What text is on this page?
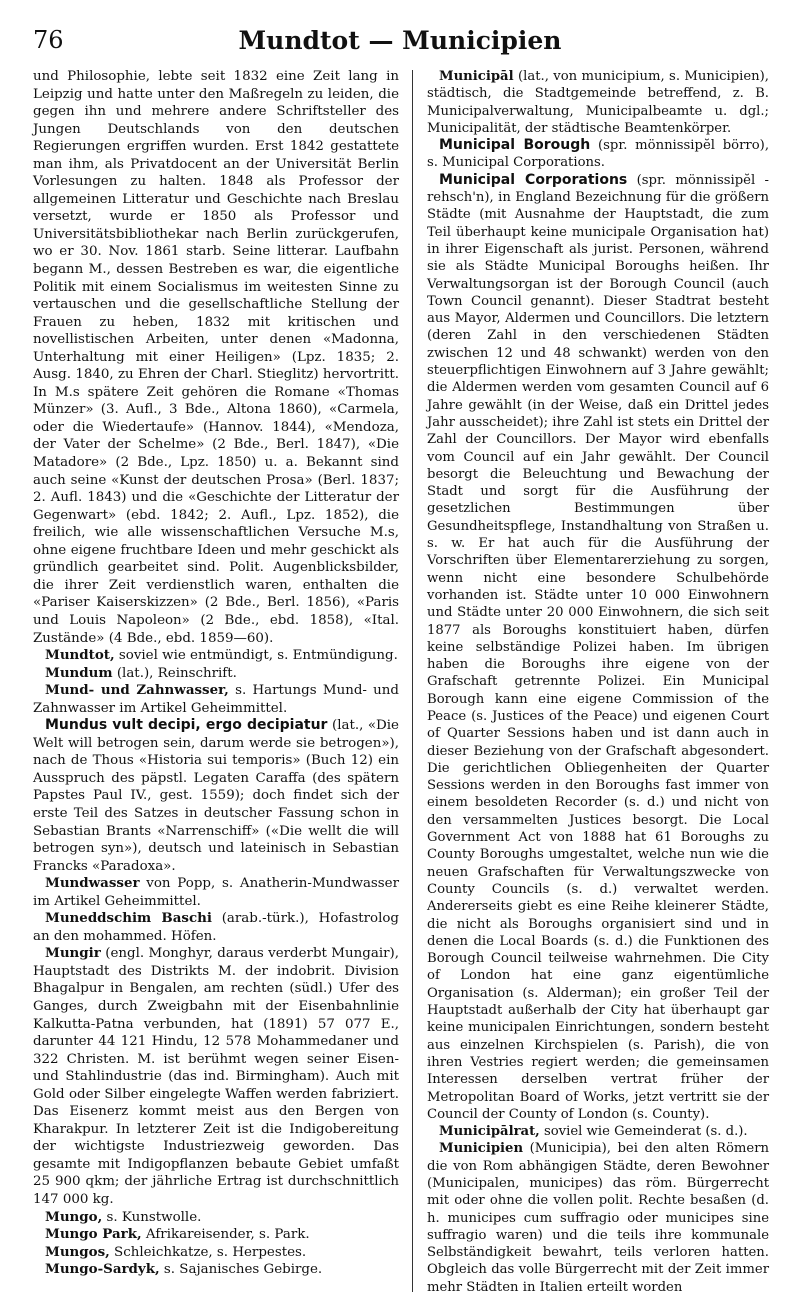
76	Mundtot — Municipien

und Philosophie, lebte seit 1832 eine Zeit lang in Leipzig und hatte unter den Maßregeln zu leiden, die gegen ihn und mehrere andere Schriftsteller des Jungen Deutschlands von den deutschen Regierungen ergriffen wurden. Erst 1842 gestattete man ihm, als Privatdocent an der Universität Berlin Vorlesungen zu halten. 1848 als Professor der allgemeinen Litteratur und Geschichte nach Breslau versetzt, wurde er 1850 als Professor und Universitätsbibliothekar nach Berlin zurückgerufen, wo er 30. Nov. 1861 starb. Seine litterar. Laufbahn begann M., dessen Bestreben es war, die eigentliche Politik mit einem Socialismus im weitesten Sinne zu vertauschen und die gesellschaftliche Stellung der Frauen zu heben, 1832 mit kritischen und novellistischen Arbeiten, unter denen «Madonna, Unterhaltung mit einer Heiligen» (Lpz. 1835; 2. Ausg. 1840, zu Ehren der Charl. Stieglitz) hervortritt. In M.s spätere Zeit gehören die Romane «Thomas Münzer» (3. Aufl., 3 Bde., Altona 1860), «Carmela, oder die Wiedertaufe» (Hannov. 1844), «Mendoza, der Vater der Schelme» (2 Bde., Berl. 1847), «Die Matadore» (2 Bde., Lpz. 1850) u. a. Bekannt sind auch seine «Kunst der deutschen Prosa» (Berl. 1837; 2. Aufl. 1843) und die «Geschichte der Litteratur der Gegenwart» (ebd. 1842; 2. Aufl., Lpz. 1852), die freilich, wie alle wissenschaftlichen Versuche M.s, ohne eigene fruchtbare Ideen und mehr geschickt als gründlich gearbeitet sind. Polit. Augenblicksbilder, die ihrer Zeit verdienstlich waren, enthalten die «Pariser Kaiserskizzen» (2 Bde., Berl. 1856), «Paris und Louis Napoleon» (2 Bde., ebd. 1858), «Ital. Zustände» (4 Bde., ebd. 1859—60).

Mundtot, soviel wie entmündigt, s. Entmündigung.

Mundum (lat.), Reinschrift.

Mund- und Zahnwasser, s. Hartungs Mund- und Zahnwasser im Artikel Geheimmittel.

Mundus vult decipi, ergo decipiatur (lat., «Die Welt will betrogen sein, darum werde sie betrogen»), nach de Thous «Historia sui temporis» (Buch 12) ein Ausspruch des päpstl. Legaten Caraffa (des spätern Papstes Paul IV., gest. 1559); doch findet sich der erste Teil des Satzes in deutscher Fassung schon in Sebastian Brants «Narrenschiff» («Die wellt die will betrogen syn»), deutsch und lateinisch in Sebastian Francks «Paradoxa».

Mundwasser von Popp, s. Anatherin-Mundwasser im Artikel Geheimmittel.

Muneddschim Baschi (arab.-türk.), Hofastrolog an den mohammed. Höfen.

Mungir (engl. Monghyr, daraus verderbt Mungair), Hauptstadt des Distrikts M. der indobrit. Division Bhagalpur in Bengalen, am rechten (südl.) Ufer des Ganges, durch Zweigbahn mit der Eisenbahnlinie Kalkutta-Patna verbunden, hat (1891) 57 077 E., darunter 44 121 Hindu, 12 578 Mohammedaner und 322 Christen. M. ist berühmt wegen seiner Eisen- und Stahlindustrie (das ind. Birmingham). Auch mit Gold oder Silber eingelegte Waffen werden fabriziert. Das Eisenerz kommt meist aus den Bergen von Kharakpur. In letzterer Zeit ist die Indigobereitung der wichtigste Industriezweig geworden. Das gesamte mit Indigopflanzen bebaute Gebiet umfaßt 25 900 qkm; der jährliche Ertrag ist durchschnittlich 147 000 kg.

Mungo, s. Kunstwolle.

Mungo Park, Afrikareisender, s. Park.

Mungos, Schleichkatze, s. Herpestes.

Mungo-Sardyk, s. Sajanisches Gebirge.

Municipāl (lat., von municipium, s. Municipien), städtisch, die Stadtgemeinde betreffend, z. B. Municipalverwaltung, Municipalbeamte u. dgl.; Municipalität, der städtische Beamtenkörper.

Municipal Borough (spr. mönnissipĕl börro), s. Municipal Corporations.

Municipal Corporations (spr. mönnissipĕl -rehsch'n), in England Bezeichnung für die größern Städte (mit Ausnahme der Hauptstadt, die zum Teil überhaupt keine municipale Organisation hat) in ihrer Eigenschaft als jurist. Personen, während sie als Städte Municipal Boroughs heißen. Ihr Verwaltungsorgan ist der Borough Council (auch Town Council genannt). Dieser Stadtrat besteht aus Mayor, Aldermen und Councillors. Die letztern (deren Zahl in den verschiedenen Städten zwischen 12 und 48 schwankt) werden von den steuerpflichtigen Einwohnern auf 3 Jahre gewählt; die Aldermen werden vom gesamten Council auf 6 Jahre gewählt (in der Weise, daß ein Drittel jedes Jahr ausscheidet); ihre Zahl ist stets ein Drittel der Zahl der Councillors. Der Mayor wird ebenfalls vom Council auf ein Jahr gewählt. Der Council besorgt die Beleuchtung und Bewachung der Stadt und sorgt für die Ausführung der gesetzlichen Bestimmungen über Gesundheitspflege, Instandhaltung von Straßen u. s. w. Er hat auch für die Ausführung der Vorschriften über Elementarerziehung zu sorgen, wenn nicht eine besondere Schulbehörde vorhanden ist. Städte unter 10 000 Einwohnern und Städte unter 20 000 Einwohnern, die sich seit 1877 als Boroughs konstituiert haben, dürfen keine selbständige Polizei haben. Im übrigen haben die Boroughs ihre eigene von der Grafschaft getrennte Polizei. Ein Municipal Borough kann eine eigene Commission of the Peace (s. Justices of the Peace) und eigenen Court of Quarter Sessions haben und ist dann auch in dieser Beziehung von der Grafschaft abgesondert. Die gerichtlichen Obliegenheiten der Quarter Sessions werden in den Boroughs fast immer von einem besoldeten Recorder (s. d.) und nicht von den versammelten Justices besorgt. Die Local Government Act von 1888 hat 61 Boroughs zu County Boroughs umgestaltet, welche nun wie die neuen Grafschaften für Verwaltungszwecke von County Councils (s. d.) verwaltet werden. Andererseits giebt es eine Reihe kleinerer Städte, die nicht als Boroughs organisiert sind und in denen die Local Boards (s. d.) die Funktionen des Borough Council teilweise wahrnehmen. Die City of London hat eine ganz eigentümliche Organisation (s. Alderman); ein großer Teil der Hauptstadt außerhalb der City hat überhaupt gar keine municipalen Einrichtungen, sondern besteht aus einzelnen Kirchspielen (s. Parish), die von ihren Vestries regiert werden; die gemeinsamen Interessen derselben vertrat früher der Metropolitan Board of Works, jetzt vertritt sie der Council der County of London (s. County).

Municipālrat, soviel wie Gemeinderat (s. d.).

Municipien (Municipia), bei den alten Römern die von Rom abhängigen Städte, deren Bewohner (Municipalen, municipes) das röm. Bürgerrecht mit oder ohne die vollen polit. Rechte besaßen (d. h. municipes cum suffragio oder municipes sine suffragio waren) und die teils ihre kommunale Selbständigkeit bewahrt, teils verloren hatten. Obgleich das volle Bürgerrecht mit der Zeit immer mehr Städten in Italien erteilt worden
